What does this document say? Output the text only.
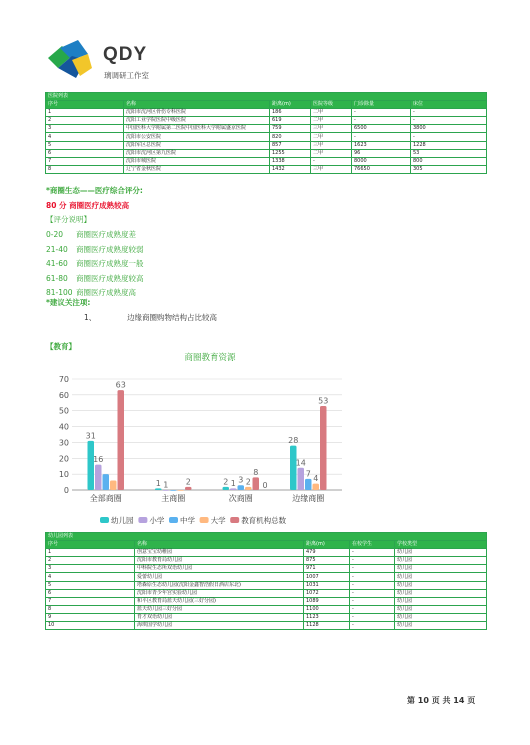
QDY
璃调研工作室
医院列表					
序号	名称	距离(m)	医院等级	门诊除量	床位
1	沈阳市沈河区骨伤专科医院	186	二甲	-	-
2	沈阳工业学院医院中级医院	619	二甲	-	-
3	中国医科大学附属第二医院中国医科大学附属盛京医院	759	三甲	6500	3800
4	沈阳市公安医院	820	二甲	-	-
5	沈阳军区总医院	857	三甲	1623	1228
6	沈阳市沈河区第九医院	1255	二甲	96	53
7	沈阳市城医院	1338	-	8000	800
8	辽宁省金秋医院	1432	三甲	76650	305
*商圈生态——医疗综合评分:
80 分 商圈医疗成熟较高
【评分说明】
0-20 商圈医疗成熟度差
21-40 商圈医疗成熟度较弱
41-60 商圈医疗成熟度一般
61-80 商圈医疗成熟度较高
81-100 商圈医疗成熟度高
*建议关注项:
1、	边缘商圈购物结构占比较高
【教育】
商圈教育资源
0
10
20
30
40
50
60
70
全部商圈
31
16
63
主商圈
1 1 2
次商圈
2 1 3 2
8
边缘商圈
28
14
7
4
53
0
幼儿园 小学 中学 大学 教育机构总数
幼儿园列表				
序号	名称	距离(m)	在校学生	学校类型
1	创意宝宝幼稚园	479	-	幼儿园
2	沈阳市教育局幼儿园	875	-	幼儿园
3	中科院生态所双语幼儿园	971	-	幼儿园
4	爱蕾幼儿园	1007	-	幼儿园
5	塔森原生态幼儿园(沈阳金鑫智浩假日酒店东北)	1031	-	幼儿园
6	沈阳市青少年宫实验幼儿园	1072	-	幼儿园
7	和平区教育局蓝天幼儿园(三好分园)	1089	-	幼儿园
8	蓝天幼儿园三好分园	1100	-	幼儿园
9	育才双语幼儿园	1123	-	幼儿园
10	海琪国学幼儿园	1128	-	幼儿园
第 10 页 共 14 页
